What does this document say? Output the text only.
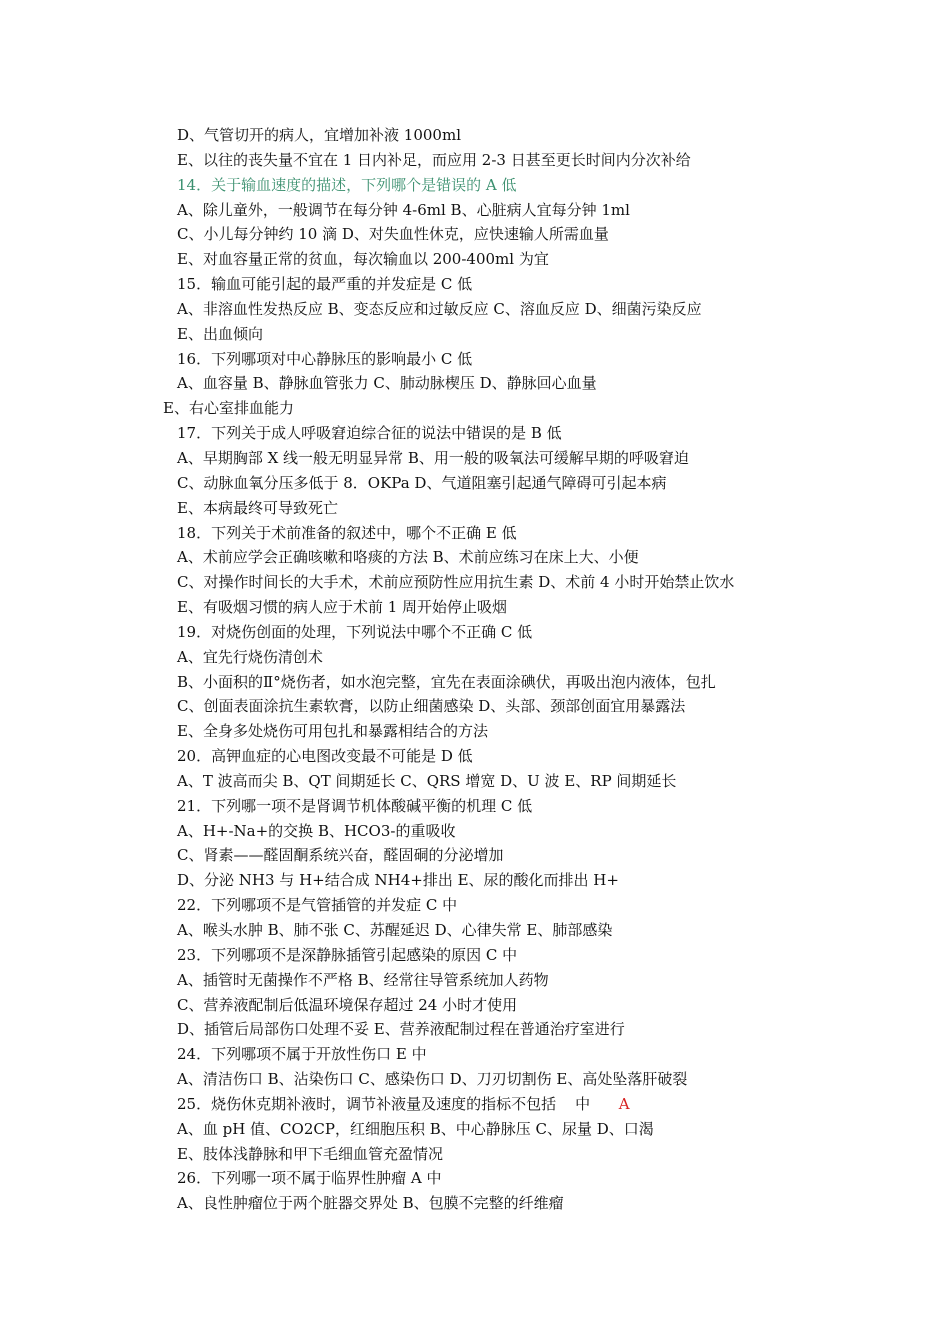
D、气管切开的病人，宜增加补液 1000ml
E、以往的丧失量不宜在 1 日内补足，而应用 2-3 日甚至更长时间内分次补给
14．关于输血速度的描述，下列哪个是错误的 A 低
A、除儿童外，一般调节在每分钟 4-6ml B、心脏病人宜每分钟 1ml
C、小儿每分钟约 10 滴 D、对失血性休克，应快速输人所需血量
E、对血容量正常的贫血，每次输血以 200-400ml 为宜
15．输血可能引起的最严重的并发症是 C 低
A、非溶血性发热反应 B、变态反应和过敏反应 C、溶血反应 D、细菌污染反应
E、出血倾向
16．下列哪项对中心静脉压的影响最小 C 低
A、血容量 B、静脉血管张力 C、肺动脉楔压 D、静脉回心血量
E、右心室排血能力
17．下列关于成人呼吸窘迫综合征的说法中错误的是 B 低
A、早期胸部 X 线一般无明显异常 B、用一般的吸氧法可缓解早期的呼吸窘迫
C、动脉血氧分压多低于 8．OKPa D、气道阻塞引起通气障碍可引起本病
E、本病最终可导致死亡
18．下列关于术前准备的叙述中，哪个不正确 E 低
A、术前应学会正确咳嗽和咯痰的方法 B、术前应练习在床上大、小便
C、对操作时间长的大手术，术前应预防性应用抗生素 D、术前 4 小时开始禁止饮水
E、有吸烟习惯的病人应于术前 1 周开始停止吸烟
19．对烧伤创面的处理，下列说法中哪个不正确 C 低
A、宜先行烧伤清创术
B、小面积的Ⅱ°烧伤者，如水泡完整，宜先在表面涂碘伏，再吸出泡内液体，包扎
C、创面表面涂抗生素软膏，以防止细菌感染 D、头部、颈部创面宜用暴露法
E、全身多处烧伤可用包扎和暴露相结合的方法
20．高钾血症的心电图改变最不可能是 D 低
A、T 波高而尖 B、QT 间期延长 C、QRS 增宽 D、U 波 E、RP 间期延长
21．下列哪一项不是肾调节机体酸碱平衡的机理 C 低
A、H+-Na+的交换 B、HCO3-的重吸收
C、肾素——醛固酮系统兴奋，醛固硐的分泌增加
D、分泌 NH3 与 H+结合成 NH4+排出 E、尿的酸化而排出 H+
22．下列哪项不是气管插管的并发症 C 中
A、喉头水肿 B、肺不张 C、苏醒延迟 D、心律失常 E、肺部感染
23．下列哪项不是深静脉插管引起感染的原因 C 中
A、插管时无菌操作不严格 B、经常往导管系统加人药物
C、营养液配制后低温环境保存超过 24 小时才使用
D、插管后局部伤口处理不妥 E、营养液配制过程在普通治疗室进行
24．下列哪项不属于开放性伤口 E 中
A、清洁伤口 B、沾染伤口 C、感染伤口 D、刀刃切割伤 E、高处坠落肝破裂
25．烧伤休克期补液时，调节补液量及速度的指标不包括    中      A
A、血 pH 值、CO2CP，红细胞压积 B、中心静脉压 C、尿量 D、口渴
E、肢体浅静脉和甲下毛细血管充盈情况
26．下列哪一项不属于临界性肿瘤 A 中
A、良性肿瘤位于两个脏器交界处 B、包膜不完整的纤维瘤
